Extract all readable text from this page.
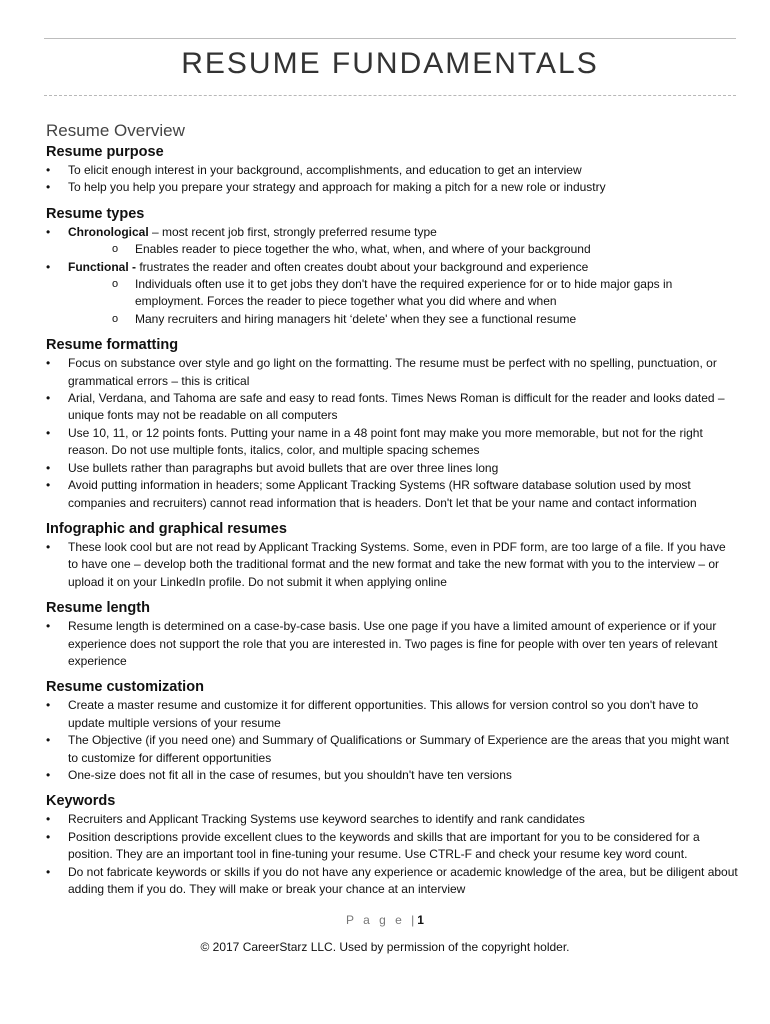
RESUME FUNDAMENTALS
Resume Overview
Resume purpose
• To elicit enough interest in your background, accomplishments, and education to get an interview
• To help you help you prepare your strategy and approach for making a pitch for a new role or industry
Resume types
• Chronological – most recent job first, strongly preferred resume type
o Enables reader to piece together the who, what, when, and where of your background
• Functional - frustrates the reader and often creates doubt about your background and experience
o Individuals often use it to get jobs they don't have the required experience for or to hide major gaps in employment. Forces the reader to piece together what you did where and when
o Many recruiters and hiring managers hit ‘delete' when they see a functional resume
Resume formatting
• Focus on substance over style and go light on the formatting. The resume must be perfect with no spelling, punctuation, or grammatical errors – this is critical
• Arial, Verdana, and Tahoma are safe and easy to read fonts. Times News Roman is difficult for the reader and looks dated – unique fonts may not be readable on all computers
• Use 10, 11, or 12 points fonts. Putting your name in a 48 point font may make you more memorable, but not for the right reason. Do not use multiple fonts, italics, color, and multiple spacing schemes
• Use bullets rather than paragraphs but avoid bullets that are over three lines long
• Avoid putting information in headers; some Applicant Tracking Systems (HR software database solution used by most companies and recruiters) cannot read information that is headers. Don't let that be your name and contact information
Infographic and graphical resumes
• These look cool but are not read by Applicant Tracking Systems. Some, even in PDF form, are too large of a file. If you have to have one – develop both the traditional format and the new format and take the new format with you to the interview – or upload it on your LinkedIn profile. Do not submit it when applying online
Resume length
• Resume length is determined on a case-by-case basis. Use one page if you have a limited amount of experience or if your experience does not support the role that you are interested in. Two pages is fine for people with over ten years of relevant experience
Resume customization
• Create a master resume and customize it for different opportunities. This allows for version control so you don't have to update multiple versions of your resume
• The Objective (if you need one) and Summary of Qualifications or Summary of Experience are the areas that you might want to customize for different opportunities
• One-size does not fit all in the case of resumes, but you shouldn't have ten versions
Keywords
• Recruiters and Applicant Tracking Systems use keyword searches to identify and rank candidates
• Position descriptions provide excellent clues to the keywords and skills that are important for you to be considered for a position. They are an important tool in fine-tuning your resume. Use CTRL-F and check your resume key word count.
• Do not fabricate keywords or skills if you do not have any experience or academic knowledge of the area, but be diligent about adding them if you do. They will make or break your chance at an interview
P a g e |1
© 2017 CareerStarz LLC. Used by permission of the copyright holder.
